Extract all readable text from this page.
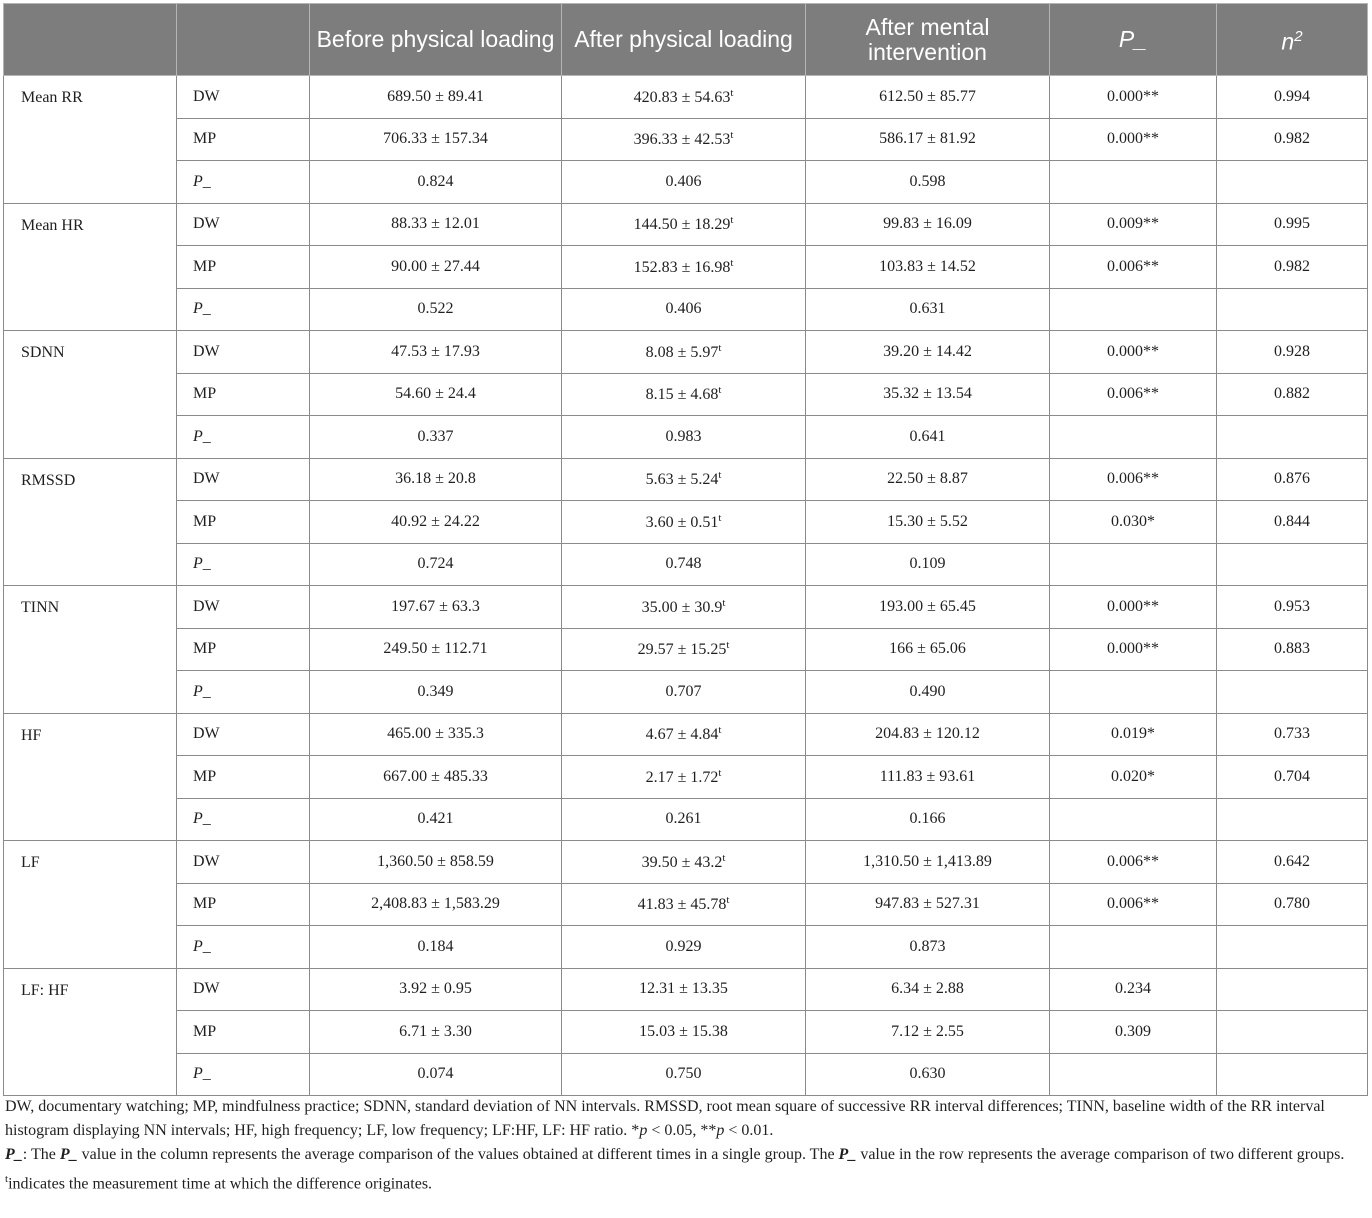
		Before physical loading	After physical loading	After mental intervention	P_	$n^2$
Mean RR	DW	689.50 ± 89.41	$420.83 \pm 54.63^t$	612.50 ± 85.77	0.000**	0.994
	MP	706.33 ± 157.34	$396.33 \pm 42.53^t$	586.17 ± 81.92	0.000**	0.982
	P_	0.824	0.406	0.598		
Mean HR	DW	88.33 ± 12.01	$144.50 \pm 18.29^t$	99.83 ± 16.09	0.009**	0.995
	MP	90.00 ± 27.44	$152.83 \pm 16.98^t$	103.83 ± 14.52	0.006**	0.982
	P_	0.522	0.406	0.631		
SDNN	DW	47.53 ± 17.93	$8.08 \pm 5.97^t$	39.20 ± 14.42	0.000**	0.928
	MP	54.60 ± 24.4	$8.15 \pm 4.68^t$	35.32 ± 13.54	0.006**	0.882
	P_	0.337	0.983	0.641		
RMSSD	DW	36.18 ± 20.8	$5.63 \pm 5.24^t$	22.50 ± 8.87	0.006**	0.876
	MP	40.92 ± 24.22	$3.60 \pm 0.51^t$	15.30 ± 5.52	0.030*	0.844
	P_	0.724	0.748	0.109		
TINN	DW	197.67 ± 63.3	$35.00 \pm 30.9^t$	193.00 ± 65.45	0.000**	0.953
	MP	249.50 ± 112.71	$29.57 \pm 15.25^t$	166 ± 65.06	0.000**	0.883
	P_	0.349	0.707	0.490		
HF	DW	465.00 ± 335.3	$4.67 \pm 4.84^t$	204.83 ± 120.12	0.019*	0.733
	MP	667.00 ± 485.33	$2.17 \pm 1.72^t$	111.83 ± 93.61	0.020*	0.704
	P_	0.421	0.261	0.166		
LF	DW	1,360.50 ± 858.59	$39.50 \pm 43.2^t$	1,310.50 ± 1,413.89	0.006**	0.642
	MP	2,408.83 ± 1,583.29	$41.83 \pm 45.78^t$	947.83 ± 527.31	0.006**	0.780
	P_	0.184	0.929	0.873		
LF: HF	DW	3.92 ± 0.95	12.31 ± 13.35	6.34 ± 2.88	0.234	
	MP	6.71 ± 3.30	15.03 ± 15.38	7.12 ± 2.55	0.309	
	P_	0.074	0.750	0.630		

DW, documentary watching; MP, mindfulness practice; SDNN, standard deviation of NN intervals. RMSSD, root mean square of successive RR interval differences; TINN, baseline width of the RR interval histogram displaying NN intervals; HF, high frequency; LF, low frequency; LF:HF, LF: HF ratio. *p < 0.05, **p < 0.01.

P_: The P_ value in the column represents the average comparison of the values obtained at different times in a single group. The P_ value in the row represents the average comparison of two different groups.

$^t$indicates the measurement time at which the difference originates.
